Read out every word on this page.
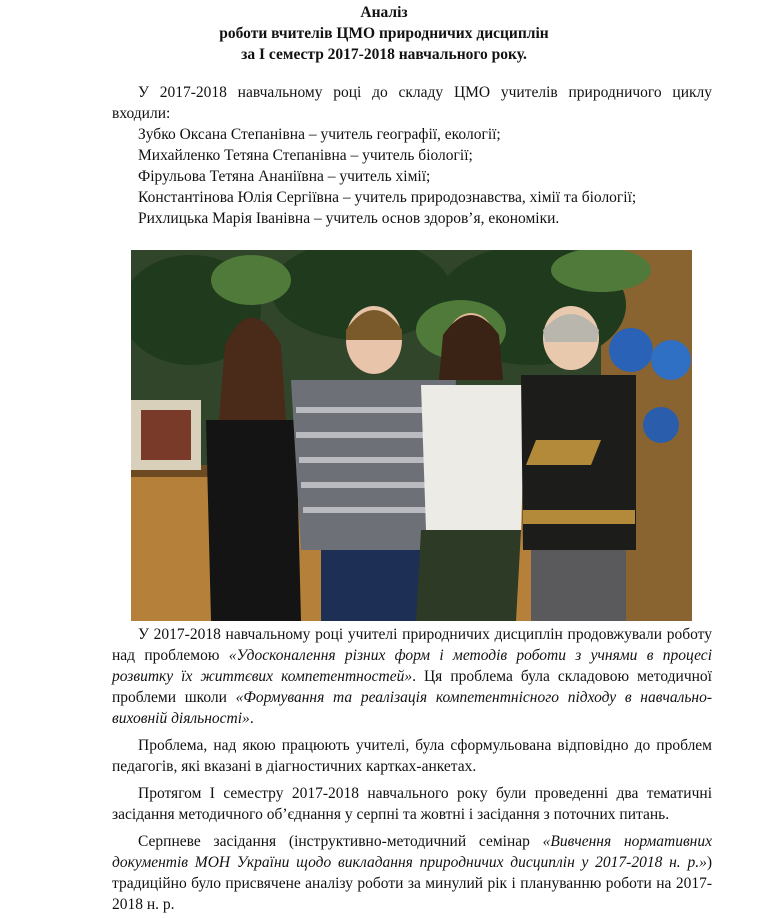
Аналіз
роботи вчителів ЦМО природничих дисциплін
за І семестр 2017-2018 навчального року.

У 2017-2018 навчальному році до складу ЦМО учителів природничого циклу входили:

Зубко Оксана Степанівна – учитель географії, екології;

Михайленко Тетяна Степанівна – учитель біології;

Фірульова Тетяна Ананіївна – учитель хімії;

Константінова Юлія Сергіївна – учитель природознавства, хімії та біології;

Рихлицька Марія Іванівна – учитель основ здоров’я, економіки.

У 2017-2018 навчальному році учителі природничих дисциплін продовжували роботу над проблемою «Удосконалення різних форм і методів роботи з учнями в процесі розвитку їх життєвих компетентностей». Ця проблема була складовою методичної проблеми школи «Формування та реалізація компетентнісного підходу в навчально-виховній діяльності».

Проблема, над якою працюють учителі, була сформульована відповідно до проблем педагогів, які вказані в діагностичних картках-анкетах.

Протягом І семестру 2017-2018 навчального року були проведенні два тематичні засідання методичного об’єднання у серпні та жовтні і засідання з поточних питань.

Серпневе засідання (інструктивно-методичний семінар «Вивчення нормативних документів МОН України щодо викладання природничих дисциплін у 2017-2018 н. р.») традиційно було присвячене аналізу роботи за минулий рік і плануванню роботи на 2017-2018 н. р.
